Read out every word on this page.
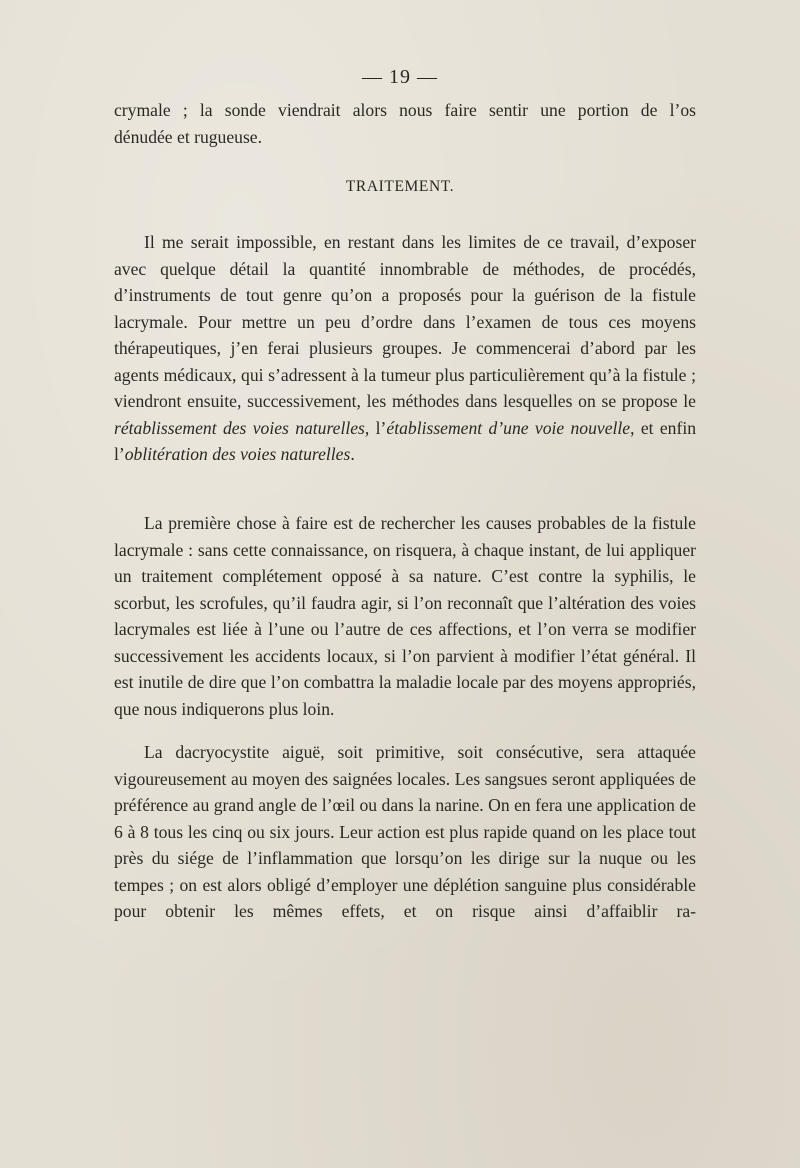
— 19 —
crymale ; la sonde viendrait alors nous faire sentir une portion de l’os
dénudée et rugueuse.
TRAITEMENT.
Il me serait impossible, en restant dans les limites de ce travail, d’exposer avec quelque détail la quantité innombrable de méthodes, de procédés, d’instruments de tout genre qu’on a proposés pour la guérison de la fistule lacrymale. Pour mettre un peu d’ordre dans l’examen de tous ces moyens thérapeutiques, j’en ferai plusieurs groupes. Je commencerai d’abord par les agents médicaux, qui s’adressent à la tumeur plus particulièrement qu’à la fistule ; viendront ensuite, successivement, les méthodes dans lesquelles on se propose le rétablissement des voies naturelles, l’établissement d’une voie nouvelle, et enfin l’oblitération des voies naturelles.
La première chose à faire est de rechercher les causes probables de la fistule lacrymale : sans cette connaissance, on risquera, à chaque instant, de lui appliquer un traitement complétement opposé à sa nature. C’est contre la syphilis, le scorbut, les scrofules, qu’il faudra agir, si l’on reconnaît que l’altération des voies lacrymales est liée à l’une ou l’autre de ces affections, et l’on verra se modifier successivement les accidents locaux, si l’on parvient à modifier l’état général. Il est inutile de dire que l’on combattra la maladie locale par des moyens appropriés, que nous indiquerons plus loin.
La dacryocystite aiguë, soit primitive, soit consécutive, sera attaquée vigoureusement au moyen des saignées locales. Les sangsues seront appliquées de préférence au grand angle de l’œil ou dans la narine. On en fera une application de 6 à 8 tous les cinq ou six jours. Leur action est plus rapide quand on les place tout près du siége de l’inflammation que lorsqu’on les dirige sur la nuque ou les tempes ; on est alors obligé d’employer une déplétion sanguine plus considérable pour obtenir les mêmes effets, et on risque ainsi d’affaiblir ra-
